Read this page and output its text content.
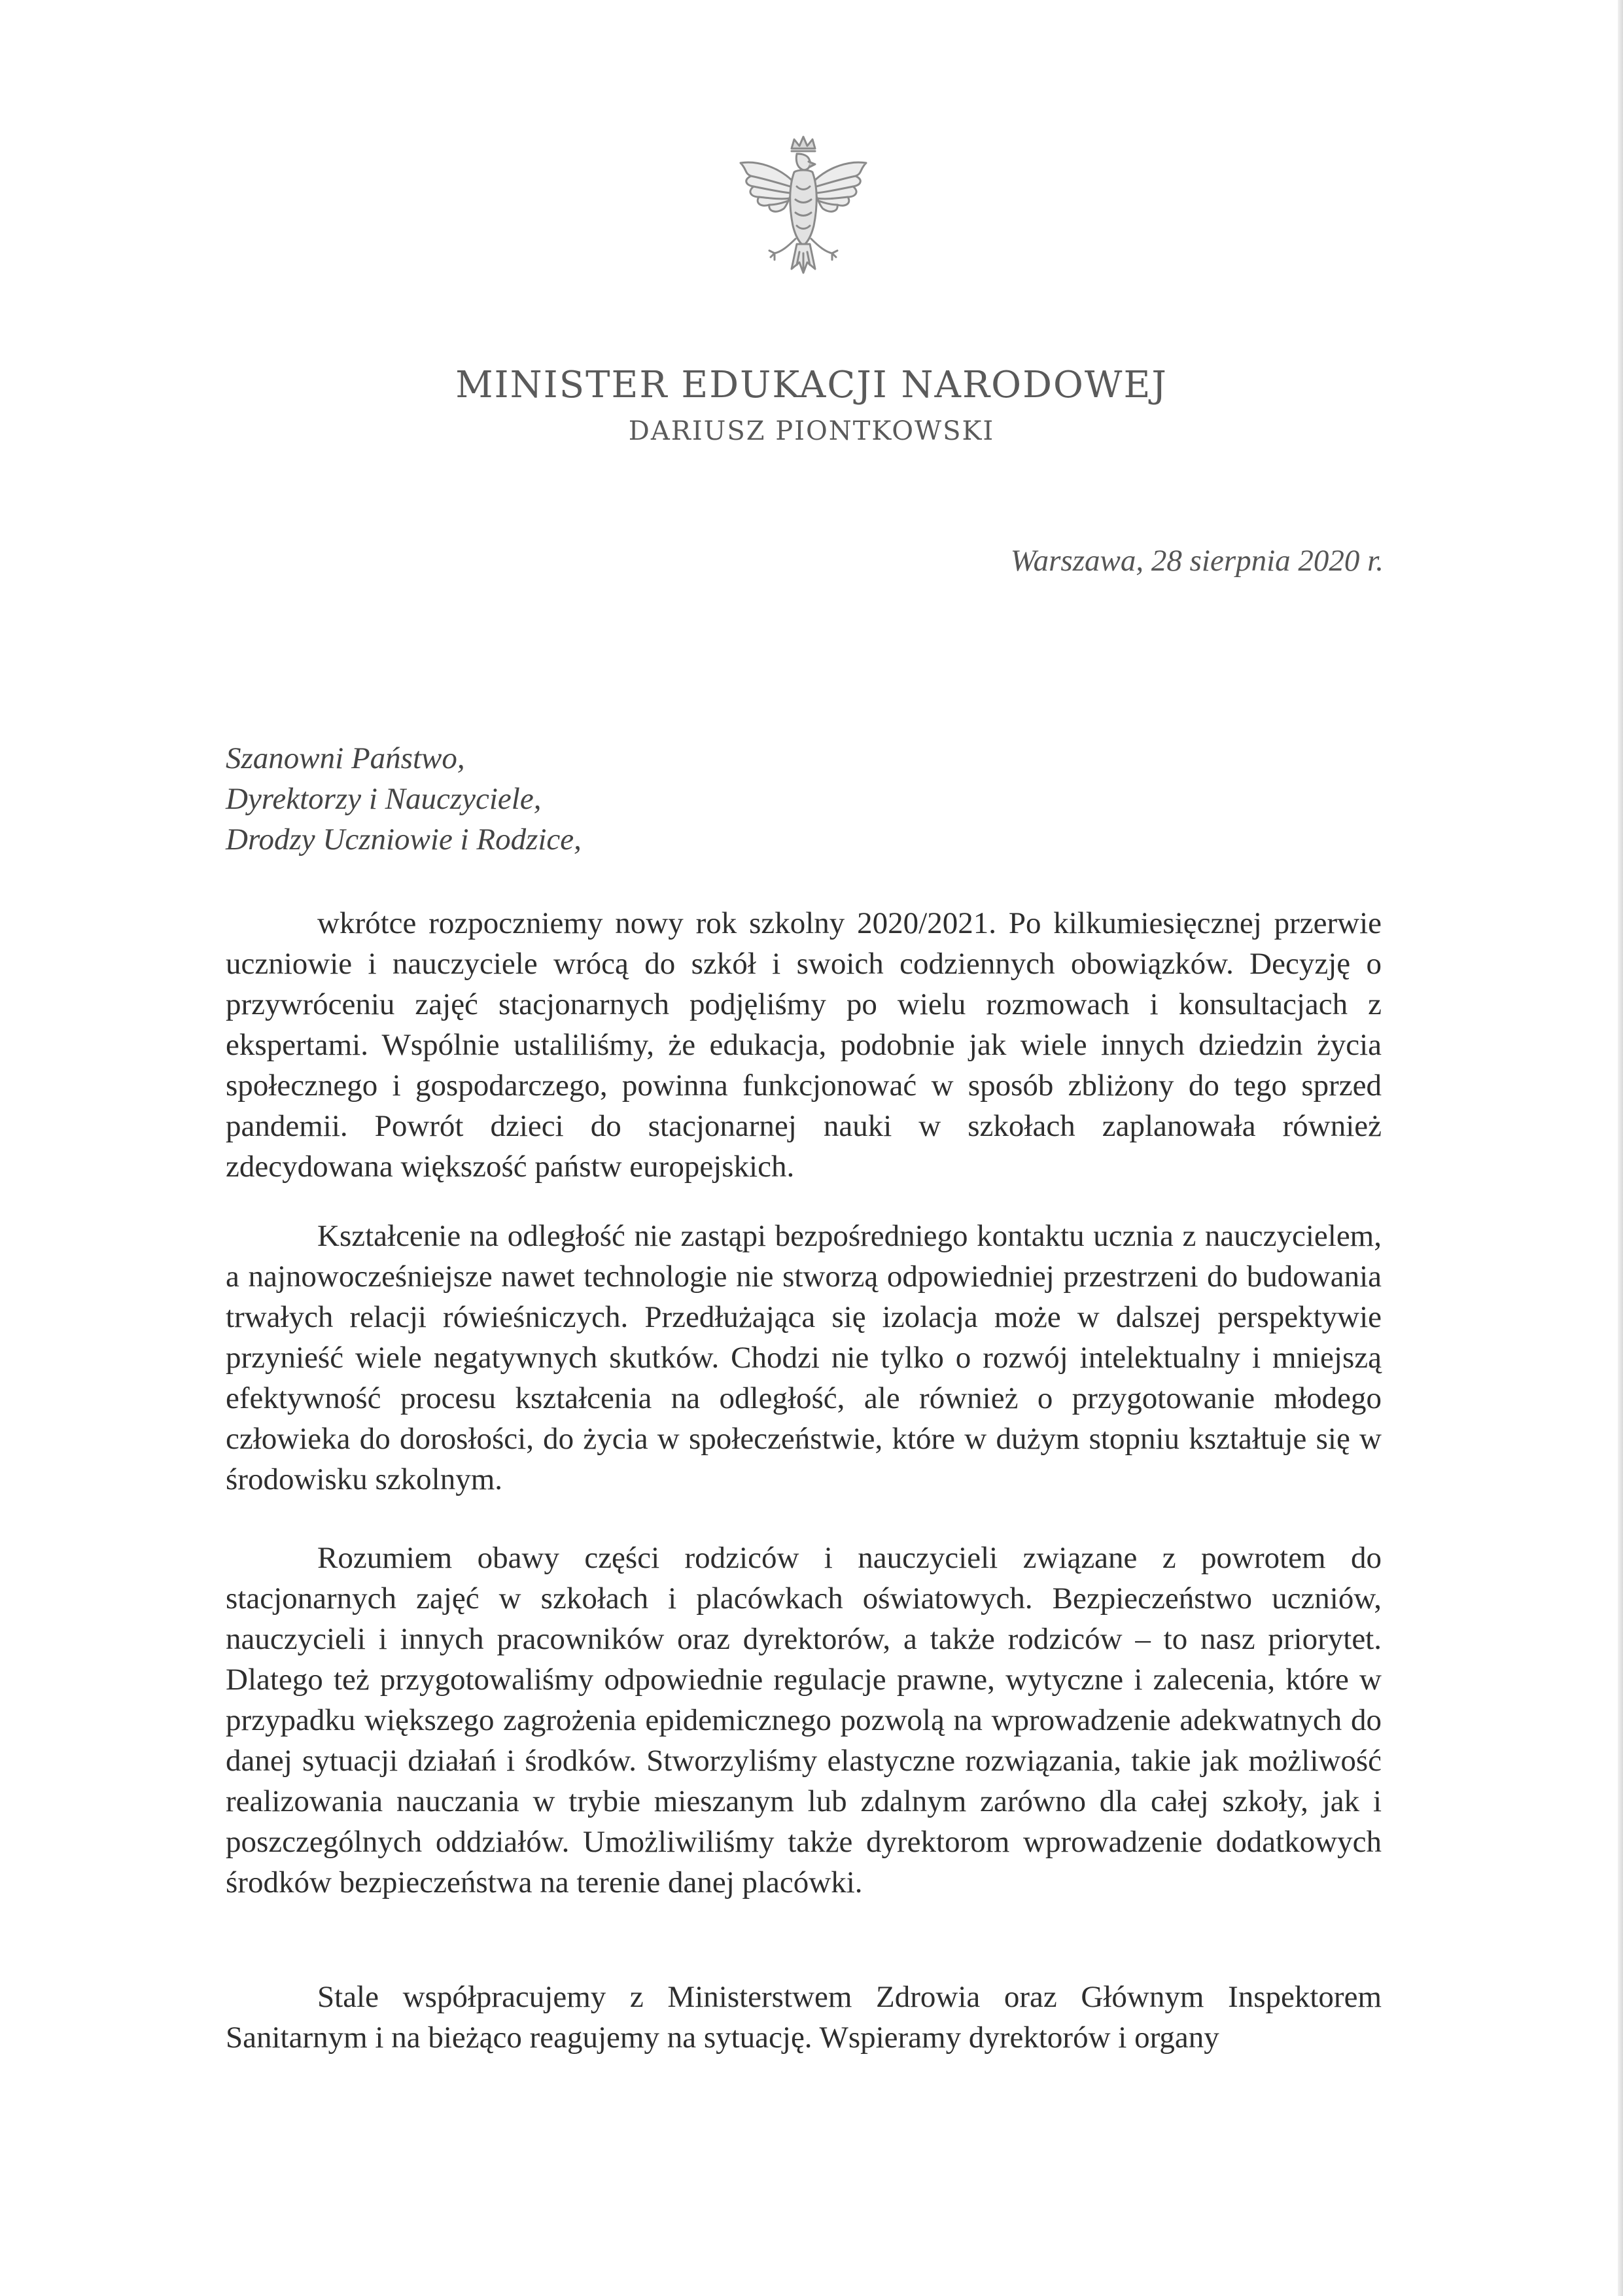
MINISTER EDUKACJI NARODOWEJ
DARIUSZ PIONTKOWSKI
Warszawa, 28 sierpnia 2020 r.
Szanowni Państwo,
Dyrektorzy i Nauczyciele,
Drodzy Uczniowie i Rodzice,

wkrótce rozpoczniemy nowy rok szkolny 2020/2021. Po kilkumiesięcznej przerwie uczniowie i nauczyciele wrócą do szkół i swoich codziennych obowiązków. Decyzję o przywróceniu zajęć stacjonarnych podjęliśmy po wielu rozmowach i konsultacjach z ekspertami. Wspólnie ustaliliśmy, że edukacja, podobnie jak wiele innych dziedzin życia społecznego i gospodarczego, powinna funkcjonować w sposób zbliżony do tego sprzed pandemii. Powrót dzieci do stacjonarnej nauki w szkołach zaplanowała również zdecydowana większość państw europejskich.

Kształcenie na odległość nie zastąpi bezpośredniego kontaktu ucznia z nauczycielem, a najnowocześniejsze nawet technologie nie stworzą odpowiedniej przestrzeni do budowania trwałych relacji rówieśniczych. Przedłużająca się izolacja może w dalszej perspektywie przynieść wiele negatywnych skutków. Chodzi nie tylko o rozwój intelektualny i mniejszą efektywność procesu kształcenia na odległość, ale również o przygotowanie młodego człowieka do dorosłości, do życia w społeczeństwie, które w dużym stopniu kształtuje się w środowisku szkolnym.

Rozumiem obawy części rodziców i nauczycieli związane z powrotem do stacjonarnych zajęć w szkołach i placówkach oświatowych. Bezpieczeństwo uczniów, nauczycieli i innych pracowników oraz dyrektorów, a także rodziców – to nasz priorytet. Dlatego też przygotowaliśmy odpowiednie regulacje prawne, wytyczne i zalecenia, które w przypadku większego zagrożenia epidemicznego pozwolą na wprowadzenie adekwatnych do danej sytuacji działań i środków. Stworzyliśmy elastyczne rozwiązania, takie jak możliwość realizowania nauczania w trybie mieszanym lub zdalnym zarówno dla całej szkoły, jak i poszczególnych oddziałów. Umożliwiliśmy także dyrektorom wprowadzenie dodatkowych środków bezpieczeństwa na terenie danej placówki.

Stale współpracujemy z Ministerstwem Zdrowia oraz Głównym Inspektorem Sanitarnym i na bieżąco reagujemy na sytuację. Wspieramy dyrektorów i organy
